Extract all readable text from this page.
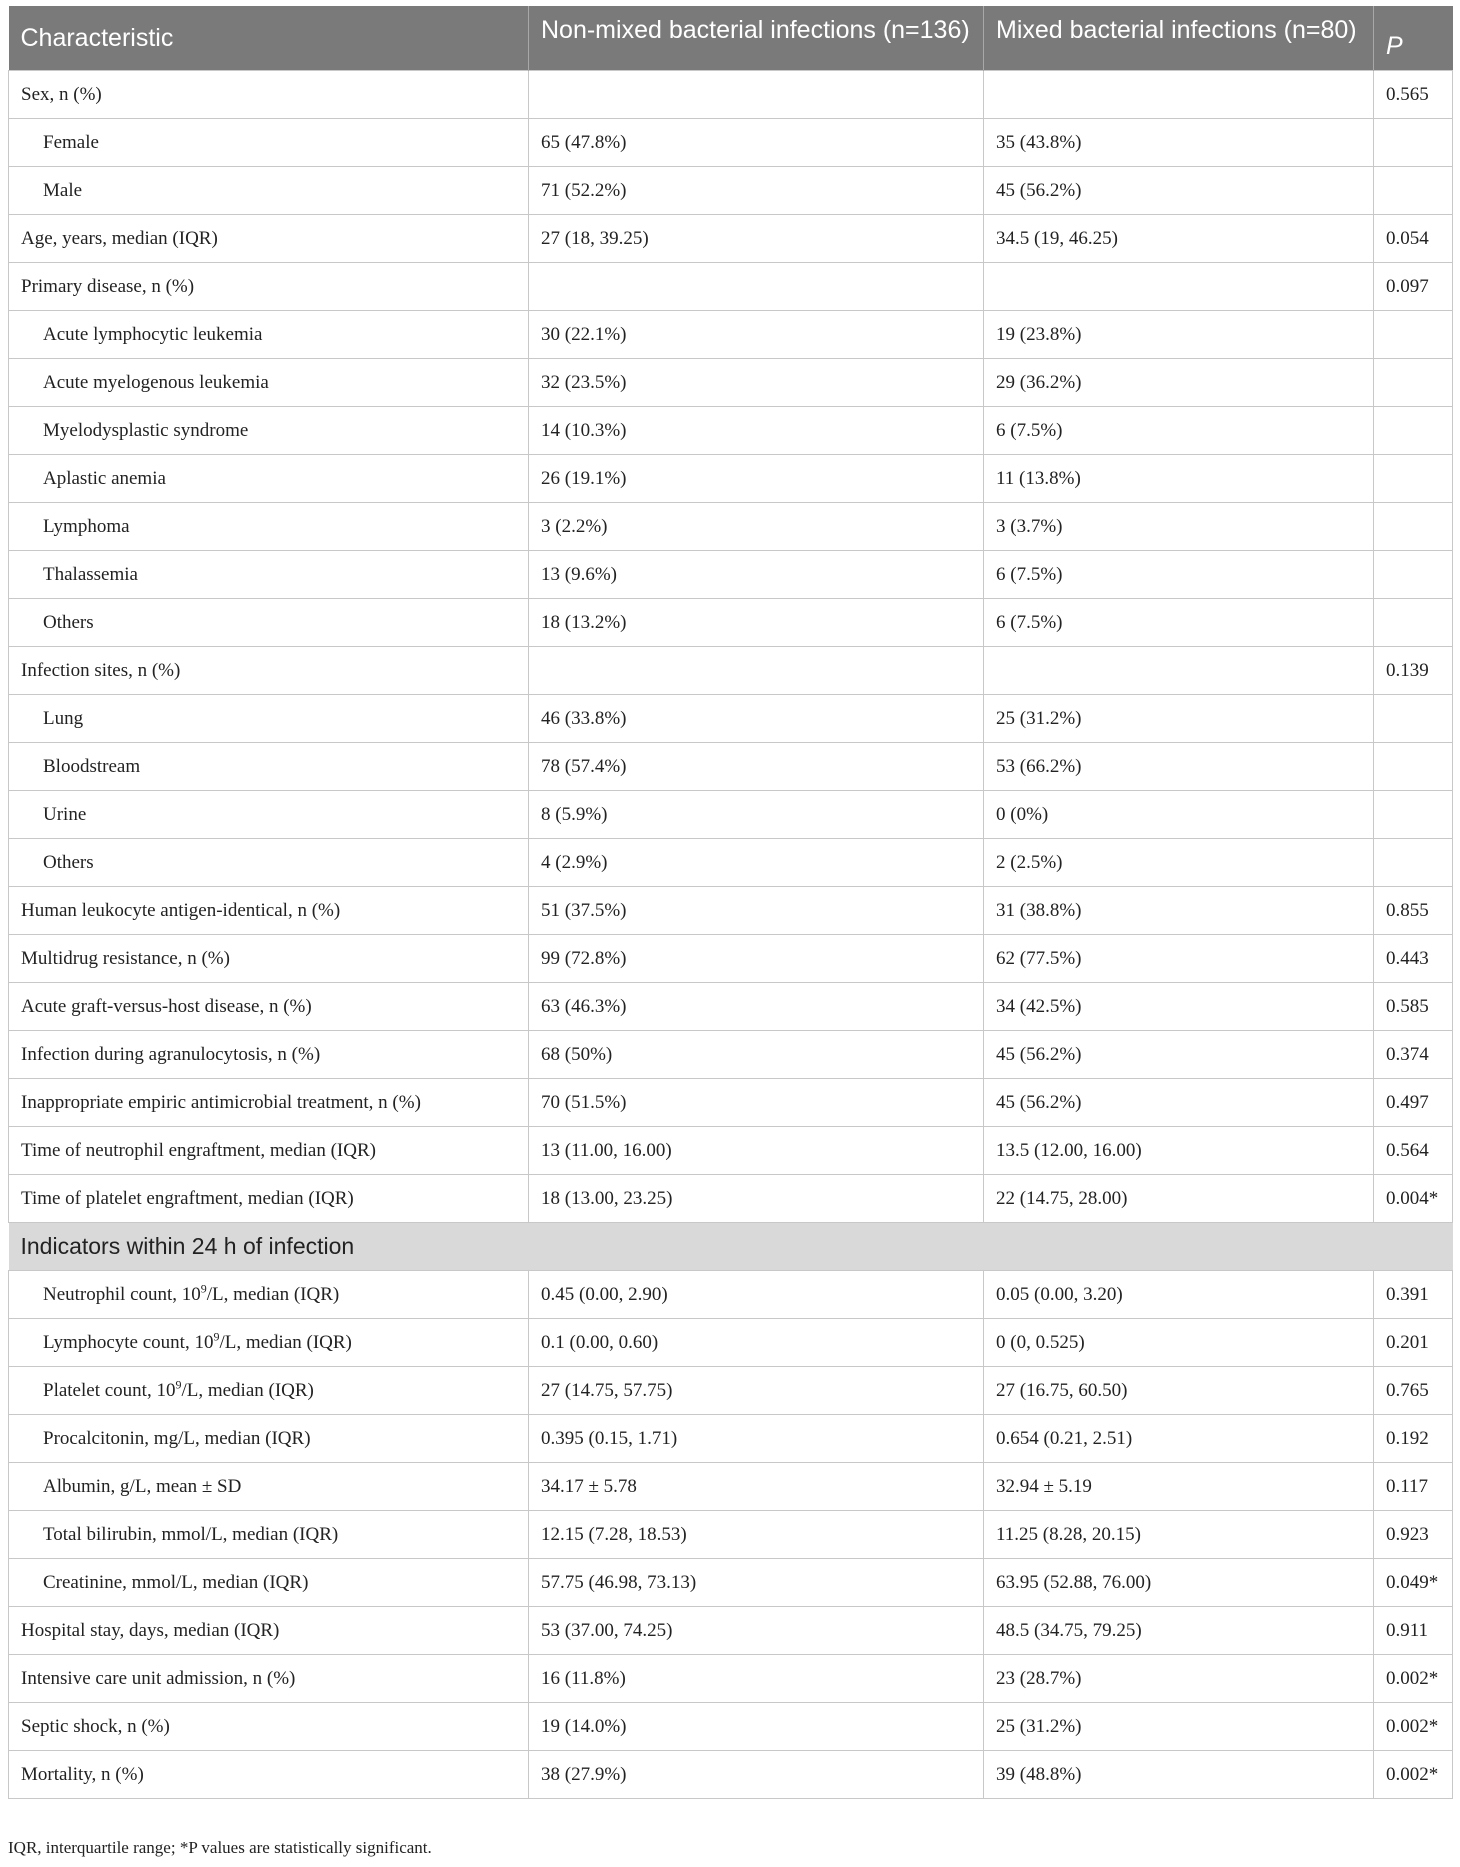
Characteristic	Non-mixed bacterial infections (n=136)	Mixed bacterial infections (n=80)	P
Sex, n (%)			0.565
Female	65 (47.8%)	35 (43.8%)	
Male	71 (52.2%)	45 (56.2%)	
Age, years, median (IQR)	27 (18, 39.25)	34.5 (19, 46.25)	0.054
Primary disease, n (%)			0.097
Acute lymphocytic leukemia	30 (22.1%)	19 (23.8%)	
Acute myelogenous leukemia	32 (23.5%)	29 (36.2%)	
Myelodysplastic syndrome	14 (10.3%)	6 (7.5%)	
Aplastic anemia	26 (19.1%)	11 (13.8%)	
Lymphoma	3 (2.2%)	3 (3.7%)	
Thalassemia	13 (9.6%)	6 (7.5%)	
Others	18 (13.2%)	6 (7.5%)	
Infection sites, n (%)			0.139
Lung	46 (33.8%)	25 (31.2%)	
Bloodstream	78 (57.4%)	53 (66.2%)	
Urine	8 (5.9%)	0 (0%)	
Others	4 (2.9%)	2 (2.5%)	
Human leukocyte antigen-identical, n (%)	51 (37.5%)	31 (38.8%)	0.855
Multidrug resistance, n (%)	99 (72.8%)	62 (77.5%)	0.443
Acute graft-versus-host disease, n (%)	63 (46.3%)	34 (42.5%)	0.585
Infection during agranulocytosis, n (%)	68 (50%)	45 (56.2%)	0.374
Inappropriate empiric antimicrobial treatment, n (%)	70 (51.5%)	45 (56.2%)	0.497
Time of neutrophil engraftment, median (IQR)	13 (11.00, 16.00)	13.5 (12.00, 16.00)	0.564
Time of platelet engraftment, median (IQR)	18 (13.00, 23.25)	22 (14.75, 28.00)	0.004*
Indicators within 24 h of infection			
Neutrophil count, $10^9/L$, median (IQR)	0.45 (0.00, 2.90)	0.05 (0.00, 3.20)	0.391
Lymphocyte count, $10^9/L$, median (IQR)	0.1 (0.00, 0.60)	0 (0, 0.525)	0.201
Platelet count, $10^9/L$, median (IQR)	27 (14.75, 57.75)	27 (16.75, 60.50)	0.765
Procalcitonin, mg/L, median (IQR)	0.395 (0.15, 1.71)	0.654 (0.21, 2.51)	0.192
Albumin, g/L, mean ± SD	34.17 ± 5.78	32.94 ± 5.19	0.117
Total bilirubin, mmol/L, median (IQR)	12.15 (7.28, 18.53)	11.25 (8.28, 20.15)	0.923
Creatinine, mmol/L, median (IQR)	57.75 (46.98, 73.13)	63.95 (52.88, 76.00)	0.049*
Hospital stay, days, median (IQR)	53 (37.00, 74.25)	48.5 (34.75, 79.25)	0.911
Intensive care unit admission, n (%)	16 (11.8%)	23 (28.7%)	0.002*
Septic shock, n (%)	19 (14.0%)	25 (31.2%)	0.002*
Mortality, n (%)	38 (27.9%)	39 (48.8%)	0.002*
IQR, interquartile range; *P values are statistically significant.
